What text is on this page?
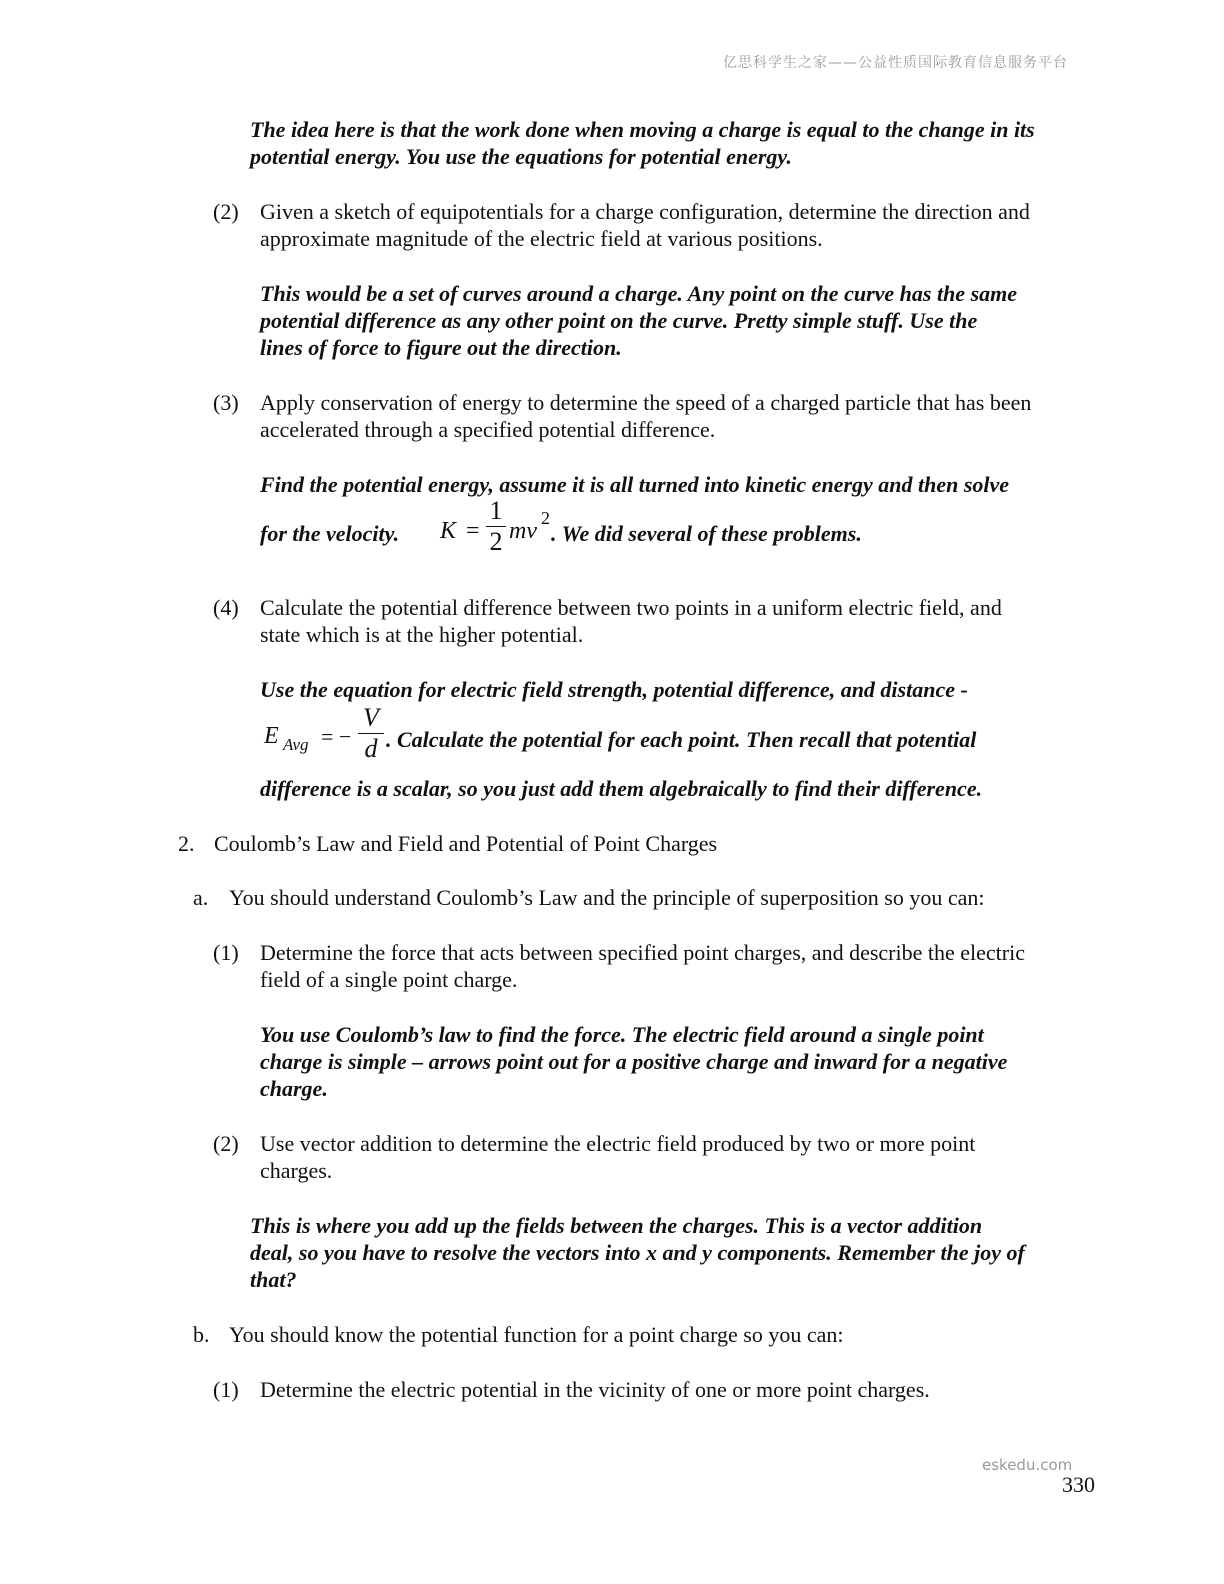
亿思科学生之家——公益性质国际教育信息服务平台
The idea here is that the work done when moving a charge is equal to the change in its
potential energy. You use the equations for potential energy.
(2) Given a sketch of equipotentials for a charge configuration, determine the direction and
approximate magnitude of the electric field at various positions.
This would be a set of curves around a charge. Any point on the curve has the same
potential difference as any other point on the curve. Pretty simple stuff. Use the
lines of force to figure out the direction.
(3) Apply conservation of energy to determine the speed of a charged particle that has been
accelerated through a specified potential difference.
Find the potential energy, assume it is all turned into kinetic energy and then solve
for the velocity. K =
1
2 mv 2
. We did several of these problems.
(4) Calculate the potential difference between two points in a uniform electric field, and
state which is at the higher potential.
Use the equation for electric field strength, potential difference, and distance -
E Avg = −
V
d . Calculate the potential for each point. Then recall that potential
difference is a scalar, so you just add them algebraically to find their difference.
2. Coulomb’s Law and Field and Potential of Point Charges
a. You should understand Coulomb’s Law and the principle of superposition so you can:
(1) Determine the force that acts between specified point charges, and describe the electric
field of a single point charge.
You use Coulomb’s law to find the force. The electric field around a single point
charge is simple – arrows point out for a positive charge and inward for a negative
charge.
(2) Use vector addition to determine the electric field produced by two or more point
charges.
This is where you add up the fields between the charges. This is a vector addition
deal, so you have to resolve the vectors into x and y components. Remember the joy of
that?
b. You should know the potential function for a point charge so you can:
(1) Determine the electric potential in the vicinity of one or more point charges.
eskedu.com
330
